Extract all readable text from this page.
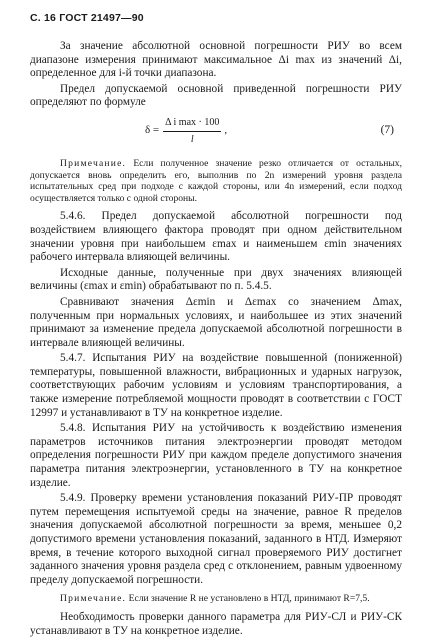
С. 16 ГОСТ 21497—90

За значение абсолютной основной погрешности РИУ во всем диапазоне измерения принимают максимальное Δi max из значений Δi, определенное для i-й точки диапазона.

Предел допускаемой основной приведенной погрешности РИУ определяют по формуле

$\delta = \frac{\text{Δ i max · 100}}{l}$ ,	(7)

Примечание. Если полученное значение резко отличается от остальных, допускается вновь определить его, выполнив по 2n измерений уровня раздела испытательных сред при подходе с каждой стороны, или 4n измерений, если подход осуществляется только с одной стороны.

5.4.6. Предел допускаемой абсолютной погрешности под воздействием влияющего фактора проводят при одном действительном значении уровня при наибольшем εmax и наименьшем εmin значениях рабочего интервала влияющей величины.

Исходные данные, полученные при двух значениях влияющей величины (εmax и εmin) обрабатывают по п. 5.4.5.

Сравнивают значения Δεmin и Δεmax со значением Δmax, полученным при нормальных условиях, и наибольшее из этих значений принимают за изменение предела допускаемой абсолютной погрешности в интервале влияющей величины.

5.4.7. Испытания РИУ на воздействие повышенной (пониженной) температуры, повышенной влажности, вибрационных и ударных нагрузок, соответствующих рабочим условиям и условиям транспортирования, а также измерение потребляемой мощности проводят в соответствии с ГОСТ 12997 и устанавливают в ТУ на конкретное изделие.

5.4.8. Испытания РИУ на устойчивость к воздействию изменения параметров источников питания электроэнергии проводят методом определения погрешности РИУ при каждом пределе допустимого значения параметра питания электроэнергии, установленного в ТУ на конкретное изделие.

5.4.9. Проверку времени установления показаний РИУ-ПР проводят путем перемещения испытуемой среды на значение, равное R пределов значения допускаемой абсолютной погрешности за время, меньшее 0,2 допустимого времени установления показаний, заданного в НТД. Измеряют время, в течение которого выходной сигнал проверяемого РИУ достигнет заданного значения уровня раздела сред с отклонением, равным удвоенному пределу допускаемой погрешности.

Примечание. Если значение R не установлено в НТД, принимают R=7,5.

Необходимость проверки данного параметра для РИУ-СЛ и РИУ-СК устанавливают в ТУ на конкретное изделие.
